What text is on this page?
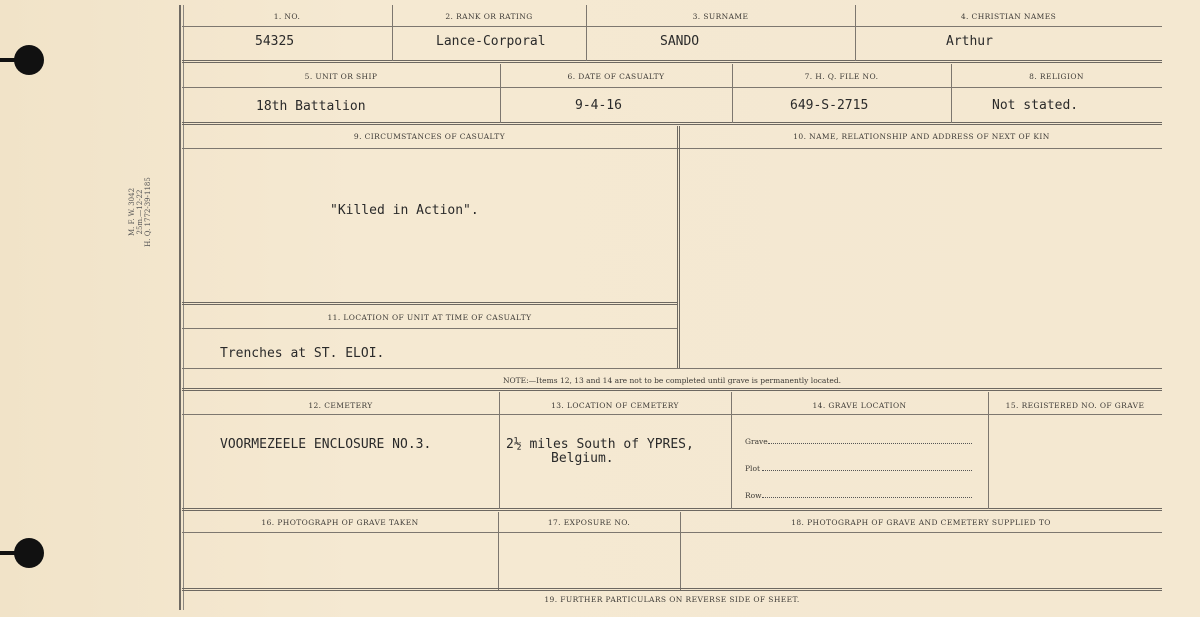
M. F. W. 3042 25m.—12-22 H. Q. 1772-39-1185
1. NO.	2. RANK OR RATING	3. SURNAME	4. CHRISTIAN NAMES
54325	Lance-Corporal	SANDO	Arthur
5. UNIT OR SHIP	6. DATE OF CASUALTY	7. H. Q. FILE NO.	8. RELIGION
18th Battalion	9-4-16	649-S-2715	Not stated.
9. CIRCUMSTANCES OF CASUALTY	10. NAME, RELATIONSHIP AND ADDRESS OF NEXT OF KIN
"Killed in Action".
11. LOCATION OF UNIT AT TIME OF CASUALTY
Trenches at ST. ELOI.
NOTE:—Items 12, 13 and 14 are not to be completed until grave is permanently located.
12. CEMETERY	13. LOCATION OF CEMETERY	14. GRAVE LOCATION	15. REGISTERED NO. OF GRAVE
VOORMEZEELE ENCLOSURE NO.3.	2½ miles South of YPRES,
Belgium.
Grave
Plot
Row
16. PHOTOGRAPH OF GRAVE TAKEN	17. EXPOSURE NO.	18. PHOTOGRAPH OF GRAVE AND CEMETERY SUPPLIED TO
19. FURTHER PARTICULARS ON REVERSE SIDE OF SHEET.
